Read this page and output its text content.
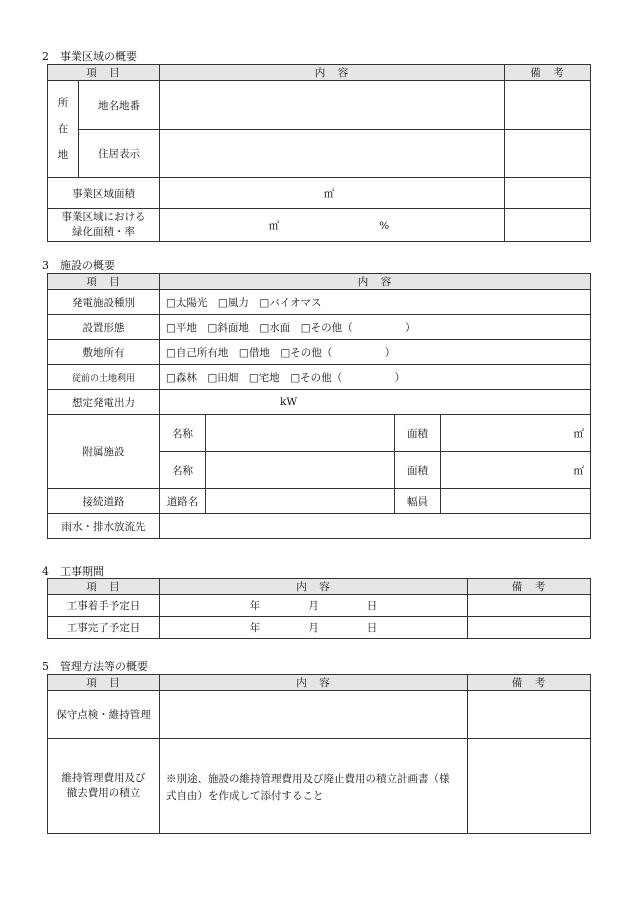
2　事業区域の概要
項　目		内　容	備　考

所
在
地	地名地番		
	住居表示		
事業区域面積		㎡	

事業区域における
緑化面積・率		㎡ %	
3　施設の概要
項　目	内　容			
発電施設種別	□太陽光　□風力　□バイオマス			
設置形態	□平地　□斜面地　□水面　□その他（　　　　　）			
敷地所有	□自己所有地　□借地　□その他（　　　　　）			
従前の土地利用	□森林　□田畑　□宅地　□その他（　　　　　）			
想定発電出力	kW			
附属施設	名称		面積	㎡
	名称		面積	㎡
接続道路	道路名		幅員	
雨水・排水放流先				
4　工事期間
項　目	内　容	備　考
工事着手予定日	年 月 日	
工事完了予定日	年 月 日	
5　管理方法等の概要
項　目	内　容	備　考
保守点検・維持管理		

維持管理費用及び
撤去費用の積立	※別途、施設の維持管理費用及び廃止費用の積立計画書（様式自由）を作成して添付すること	
